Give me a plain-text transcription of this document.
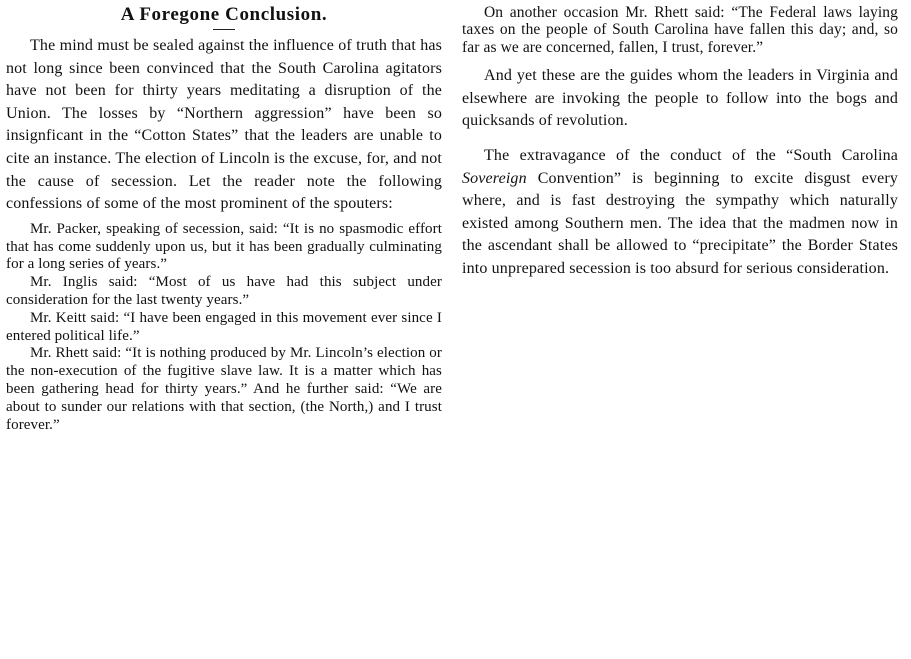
A Foregone Conclusion.

The mind must be sealed against the influence of truth that has not long since been convinced that the South Carolina agitators have not been for thirty years meditating a disruption of the Union. The losses by “Northern aggression” have been so insignficant in the “Cotton States” that the leaders are unable to cite an instance. The election of Lincoln is the excuse, for, and not the cause of secession. Let the reader note the following confessions of some of the most prominent of the spouters:

Mr. Packer, speaking of secession, said: “It is no spasmodic effort that has come suddenly upon us, but it has been gradually culminating for a long series of years.”

Mr. Inglis said: “Most of us have had this subject under consideration for the last twenty years.”

Mr. Keitt said: “I have been engaged in this movement ever since I entered political life.”

Mr. Rhett said: “It is nothing produced by Mr. Lincoln’s election or the non-execution of the fugitive slave law. It is a matter which has been gathering head for thirty years.” And he further said: “We are about to sunder our relations with that section, (the North,) and I trust forever.”

On another occasion Mr. Rhett said: “The Federal laws laying taxes on the people of South Carolina have fallen this day; and, so far as we are concerned, fallen, I trust, forever.”

And yet these are the guides whom the leaders in Virginia and elsewhere are invoking the people to follow into the bogs and quicksands of revolution.

The extravagance of the conduct of the “South Carolina Sovereign Convention” is beginning to excite disgust every where, and is fast destroying the sympathy which naturally existed among Southern men. The idea that the madmen now in the ascendant shall be allowed to “precipitate” the Border States into unprepared secession is too absurd for serious consideration.
